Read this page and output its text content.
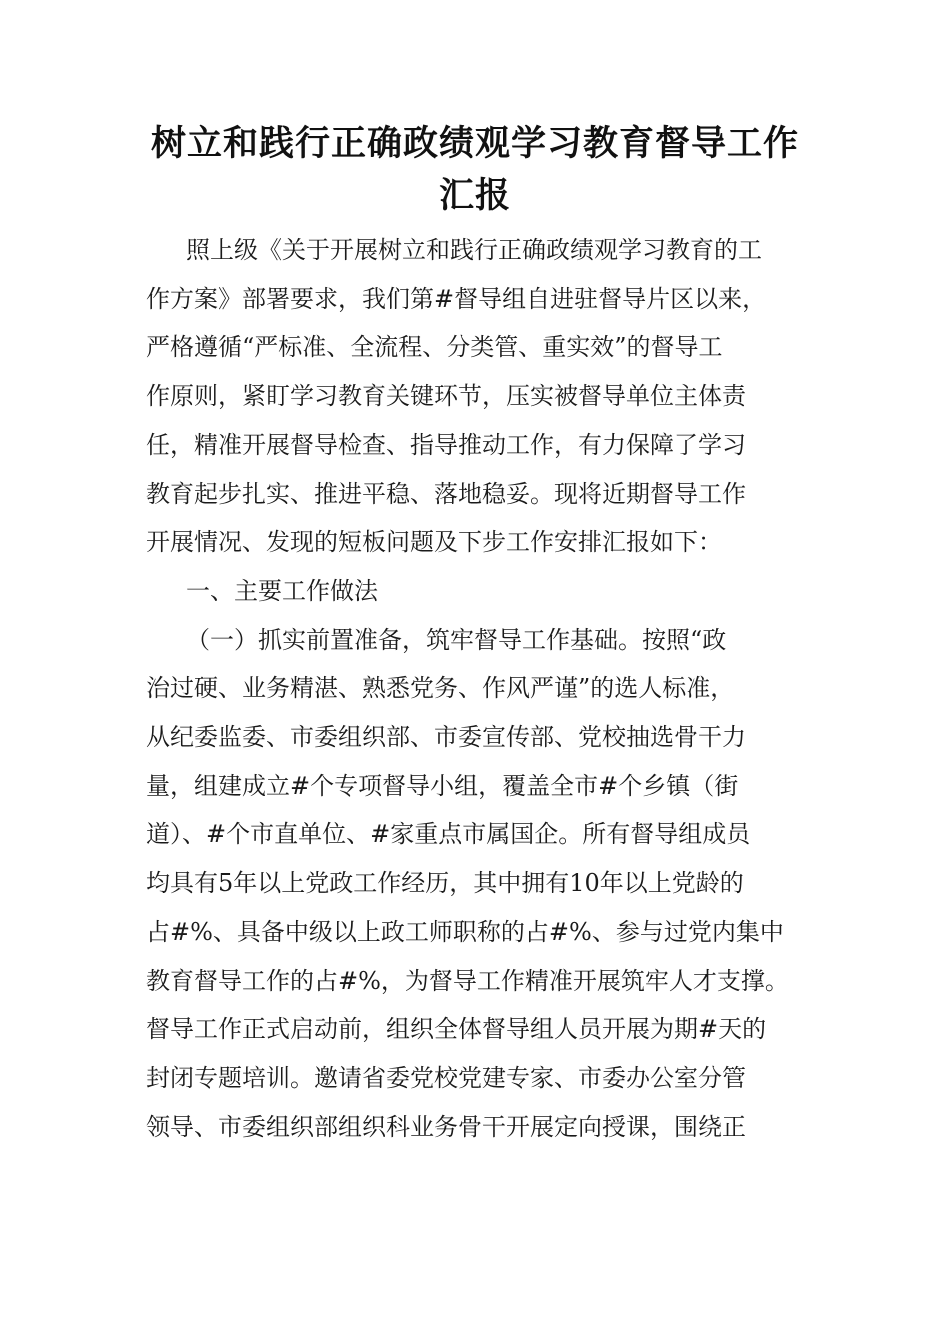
树立和践行正确政绩观学习教育督导工作
汇报
照上级《关于开展树立和践行正确政绩观学习教育的工
作方案》部署要求，我们第#督导组自进驻督导片区以来，
严格遵循“严标准、全流程、分类管、重实效”的督导工
作原则，紧盯学习教育关键环节，压实被督导单位主体责
任，精准开展督导检查、指导推动工作，有力保障了学习
教育起步扎实、推进平稳、落地稳妥。现将近期督导工作
开展情况、发现的短板问题及下步工作安排汇报如下：
一、主要工作做法
（一）抓实前置准备，筑牢督导工作基础。按照“政
治过硬、业务精湛、熟悉党务、作风严谨”的选人标准，
从纪委监委、市委组织部、市委宣传部、党校抽选骨干力
量，组建成立#个专项督导小组，覆盖全市#个乡镇（街
道）、#个市直单位、#家重点市属国企。所有督导组成员
均具有5年以上党政工作经历，其中拥有10年以上党龄的
占#%、具备中级以上政工师职称的占#%、参与过党内集中
教育督导工作的占#%，为督导工作精准开展筑牢人才支撑。
督导工作正式启动前，组织全体督导组人员开展为期#天的
封闭专题培训。邀请省委党校党建专家、市委办公室分管
领导、市委组织部组织科业务骨干开展定向授课，围绕正
